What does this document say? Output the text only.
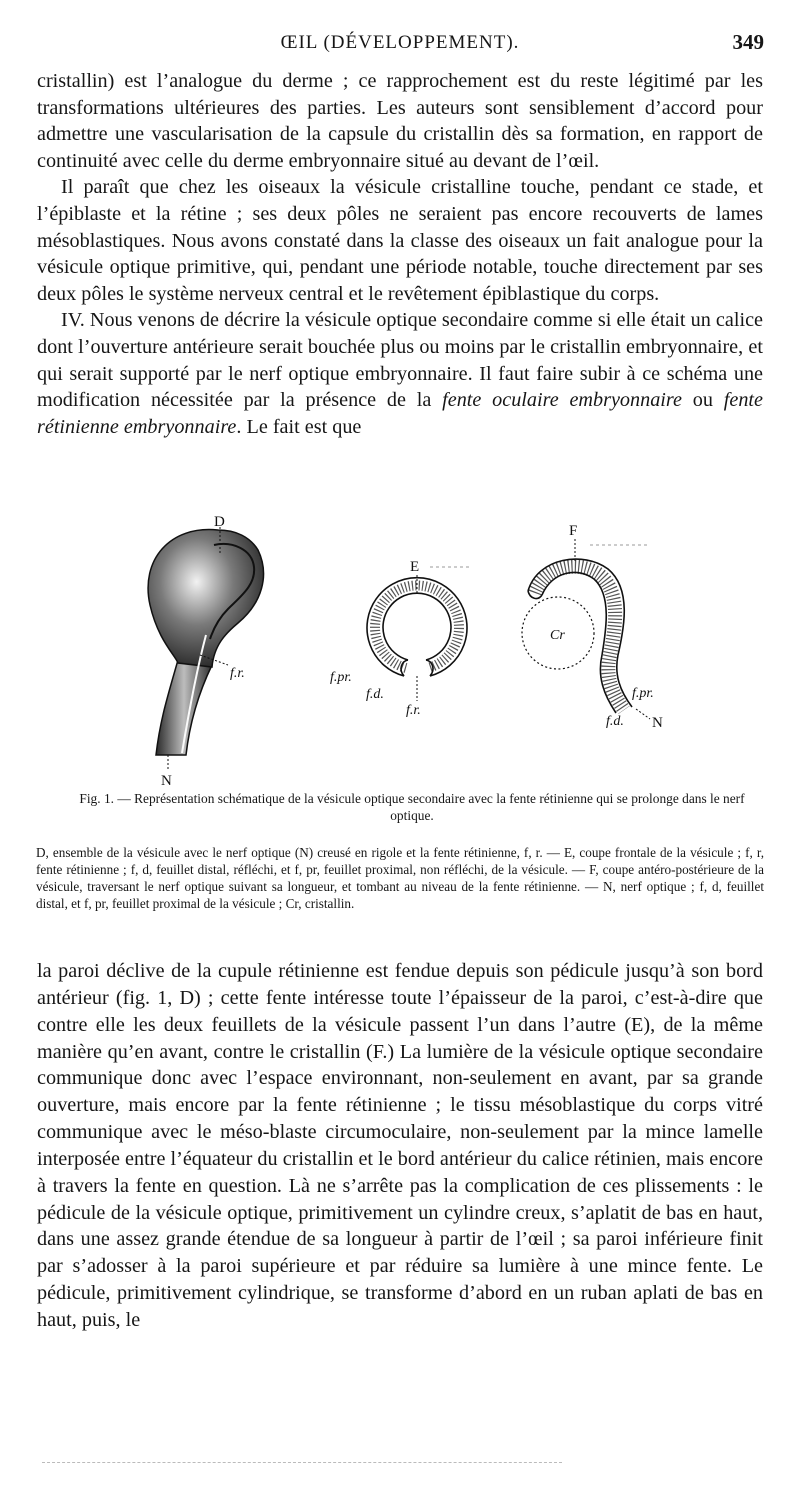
ŒIL (DÉVELOPPEMENT).	349

cristallin) est l’analogue du derme ; ce rapprochement est du reste légitimé par les transformations ultérieures des parties. Les auteurs sont sensiblement d’accord pour admettre une vascularisation de la capsule du cristallin dès sa formation, en rapport de continuité avec celle du derme embryonnaire situé au devant de l’œil.

Il paraît que chez les oiseaux la vésicule cristalline touche, pendant ce stade, et l’épiblaste et la rétine ; ses deux pôles ne seraient pas encore recouverts de lames mésoblastiques. Nous avons constaté dans la classe des oiseaux un fait analogue pour la vésicule optique primitive, qui, pendant une période notable, touche directement par ses deux pôles le système nerveux central et le revêtement épiblastique du corps.

IV. Nous venons de décrire la vésicule optique secondaire comme si elle était un calice dont l’ouverture antérieure serait bouchée plus ou moins par le cristallin embryonnaire, et qui serait supporté par le nerf optique embryonnaire. Il faut faire subir à ce schéma une modification nécessitée par la présence de la fente oculaire embryonnaire ou fente rétinienne embryonnaire. Le fait est que

D
N
f.r.
E
f.pr.
f.d.
f.r.
F
Cr
f.pr.
f.d. N
Fig. 1. — Représentation schématique de la vésicule optique secondaire avec la fente rétinienne qui se prolonge dans le nerf optique.

D, ensemble de la vésicule avec le nerf optique (N) creusé en rigole et la fente rétinienne, f, r. — E, coupe frontale de la vésicule ; f, r, fente rétinienne ; f, d, feuillet distal, réfléchi, et f, pr, feuillet proximal, non réfléchi, de la vésicule. — F, coupe antéro-postérieure de la vésicule, traversant le nerf optique suivant sa longueur, et tombant au niveau de la fente rétinienne. — N, nerf optique ; f, d, feuillet distal, et f, pr, feuillet proximal de la vésicule ; Cr, cristallin.

la paroi déclive de la cupule rétinienne est fendue depuis son pédicule jusqu’à son bord antérieur (fig. 1, D) ; cette fente intéresse toute l’épaisseur de la paroi, c’est-à-dire que contre elle les deux feuillets de la vésicule passent l’un dans l’autre (E), de la même manière qu’en avant, contre le cristallin (F.) La lumière de la vésicule optique secondaire communique donc avec l’espace environnant, non-seulement en avant, par sa grande ouverture, mais encore par la fente rétinienne ; le tissu mésoblastique du corps vitré communique avec le méso-blaste circumoculaire, non-seulement par la mince lamelle interposée entre l’équateur du cristallin et le bord antérieur du calice rétinien, mais encore à travers la fente en question. Là ne s’arrête pas la complication de ces plissements : le pédicule de la vésicule optique, primitivement un cylindre creux, s’aplatit de bas en haut, dans une assez grande étendue de sa longueur à partir de l’œil ; sa paroi inférieure finit par s’adosser à la paroi supérieure et par réduire sa lumière à une mince fente. Le pédicule, primitivement cylindrique, se transforme d’abord en un ruban aplati de bas en haut, puis, le
